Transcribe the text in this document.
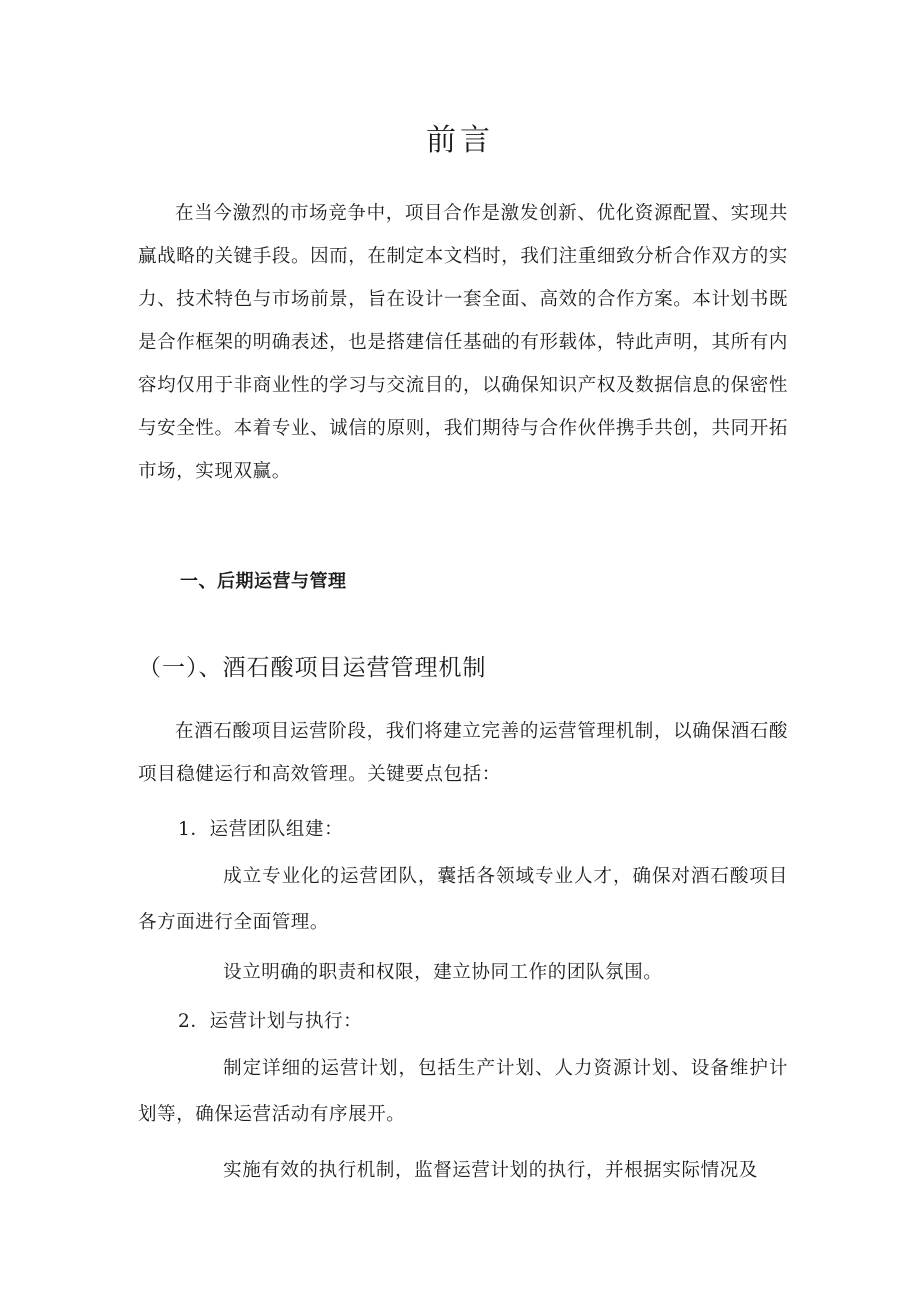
前言

在当今激烈的市场竞争中，项目合作是激发创新、优化资源配置、实现共赢战略的关键手段。因而，在制定本文档时，我们注重细致分析合作双方的实力、技术特色与市场前景，旨在设计一套全面、高效的合作方案。本计划书既是合作框架的明确表述，也是搭建信任基础的有形载体，特此声明，其所有内容均仅用于非商业性的学习与交流目的，以确保知识产权及数据信息的保密性与安全性。本着专业、诚信的原则，我们期待与合作伙伴携手共创，共同开拓市场，实现双赢。

一、后期运营与管理
（一）、酒石酸项目运营管理机制

在酒石酸项目运营阶段，我们将建立完善的运营管理机制，以确保酒石酸项目稳健运行和高效管理。关键要点包括：

1．运营团队组建：

成立专业化的运营团队，囊括各领域专业人才，确保对酒石酸项目各方面进行全面管理。

设立明确的职责和权限，建立协同工作的团队氛围。

2．运营计划与执行：

制定详细的运营计划，包括生产计划、人力资源计划、设备维护计划等，确保运营活动有序展开。

实施有效的执行机制，监督运营计划的执行，并根据实际情况及
